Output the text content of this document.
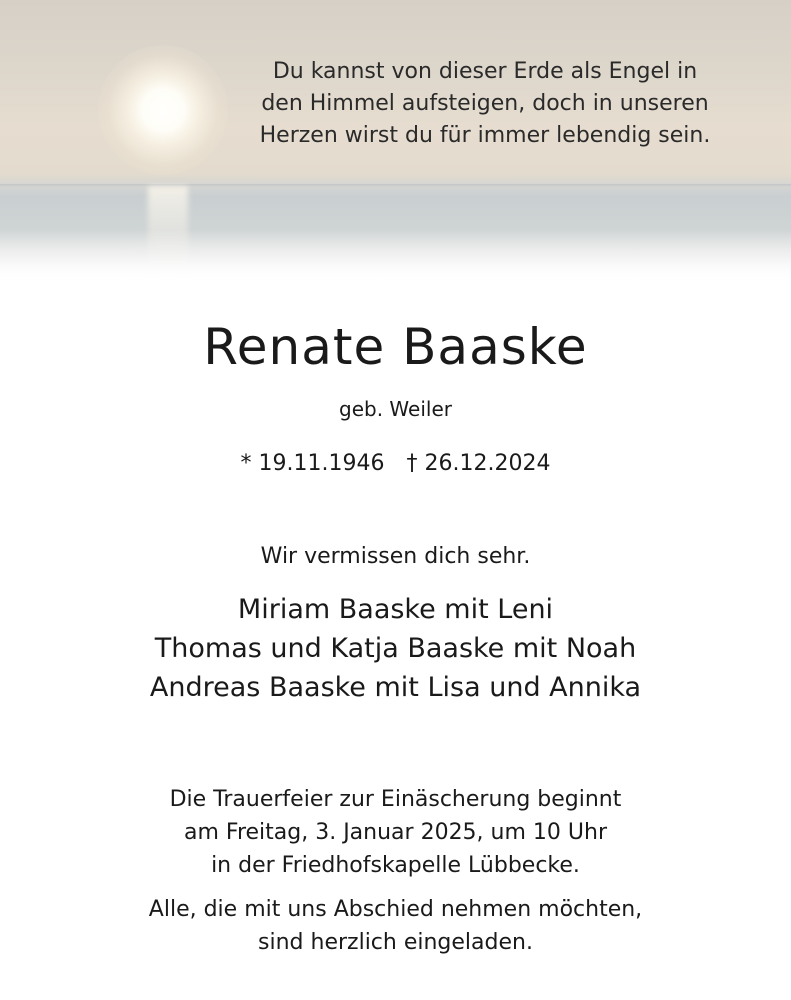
Du kannst von dieser Erde als Engel in
den Himmel aufsteigen, doch in unseren
Herzen wirst du für immer lebendig sein.
Renate Baaske
geb. Weiler
* 19.11.1946 † 26.12.2024
Wir vermissen dich sehr.
Miriam Baaske mit Leni
Thomas und Katja Baaske mit Noah
Andreas Baaske mit Lisa und Annika
Die Trauerfeier zur Einäscherung beginnt
am Freitag, 3. Januar 2025, um 10 Uhr
in der Friedhofskapelle Lübbecke.
Alle, die mit uns Abschied nehmen möchten,
sind herzlich eingeladen.
